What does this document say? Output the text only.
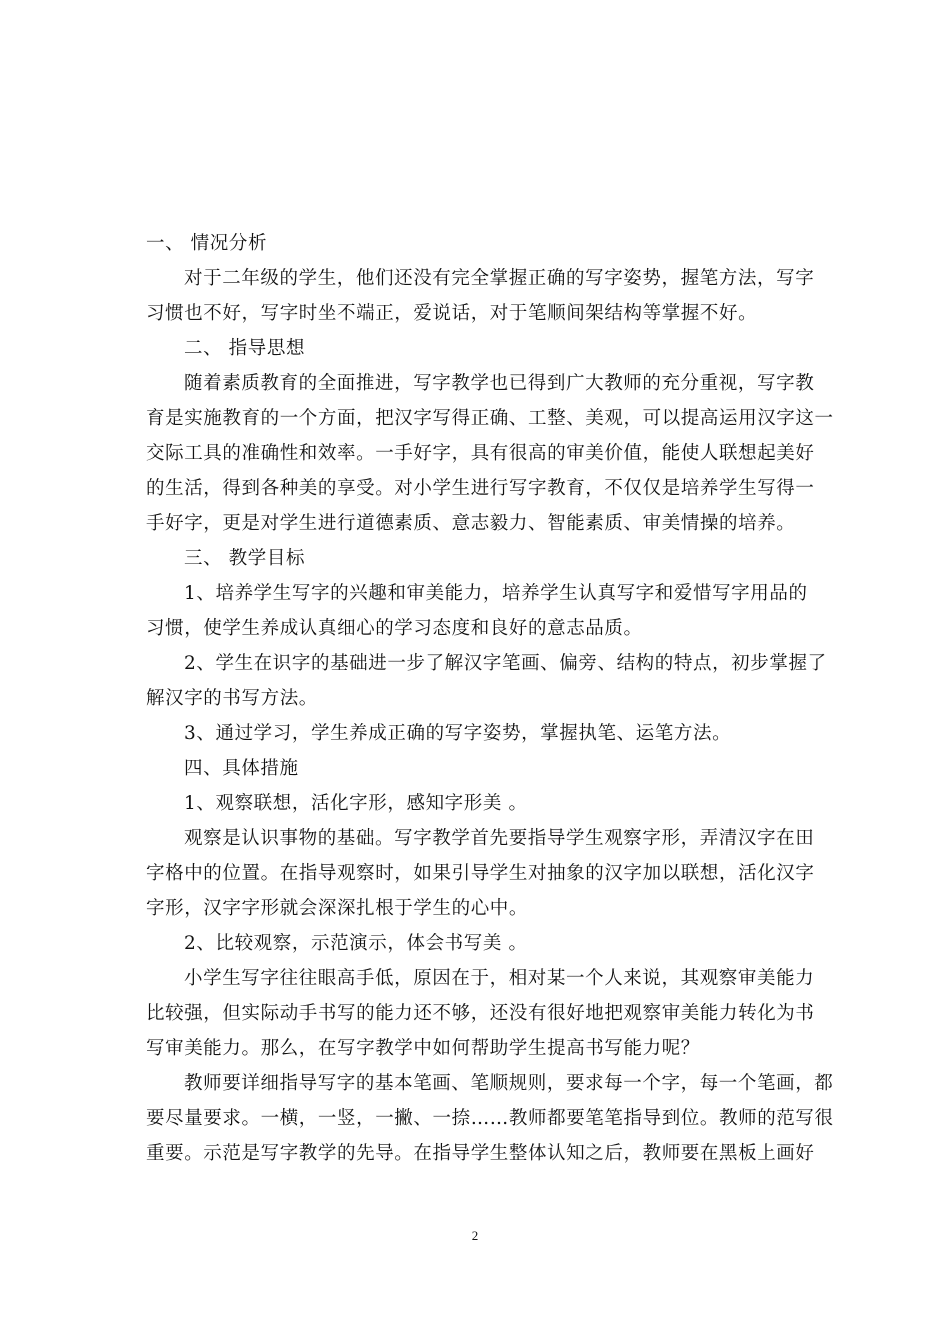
一、 情况分析
对于二年级的学生，他们还没有完全掌握正确的写字姿势，握笔方法，写字
习惯也不好，写字时坐不端正，爱说话，对于笔顺间架结构等掌握不好。
二、 指导思想
随着素质教育的全面推进，写字教学也已得到广大教师的充分重视，写字教
育是实施教育的一个方面，把汉字写得正确、工整、美观，可以提高运用汉字这一
交际工具的准确性和效率。一手好字，具有很高的审美价值，能使人联想起美好
的生活，得到各种美的享受。对小学生进行写字教育，不仅仅是培养学生写得一
手好字，更是对学生进行道德素质、意志毅力、智能素质、审美情操的培养。
三、 教学目标
1、培养学生写字的兴趣和审美能力，培养学生认真写字和爱惜写字用品的
习惯，使学生养成认真细心的学习态度和良好的意志品质。
2、学生在识字的基础进一步了解汉字笔画、偏旁、结构的特点，初步掌握了
解汉字的书写方法。
3、通过学习，学生养成正确的写字姿势，掌握执笔、运笔方法。
四、具体措施
1、观察联想，活化字形，感知字形美 。
观察是认识事物的基础。写字教学首先要指导学生观察字形，弄清汉字在田
字格中的位置。在指导观察时，如果引导学生对抽象的汉字加以联想，活化汉字
字形，汉字字形就会深深扎根于学生的心中。
2、比较观察，示范演示，体会书写美 。
小学生写字往往眼高手低，原因在于，相对某一个人来说，其观察审美能力
比较强，但实际动手书写的能力还不够，还没有很好地把观察审美能力转化为书
写审美能力。那么，在写字教学中如何帮助学生提高书写能力呢？
教师要详细指导写字的基本笔画、笔顺规则，要求每一个字，每一个笔画，都
要尽量要求。一横，一竖，一撇、一捺……教师都要笔笔指导到位。教师的范写很
重要。示范是写字教学的先导。在指导学生整体认知之后，教师要在黑板上画好
2
